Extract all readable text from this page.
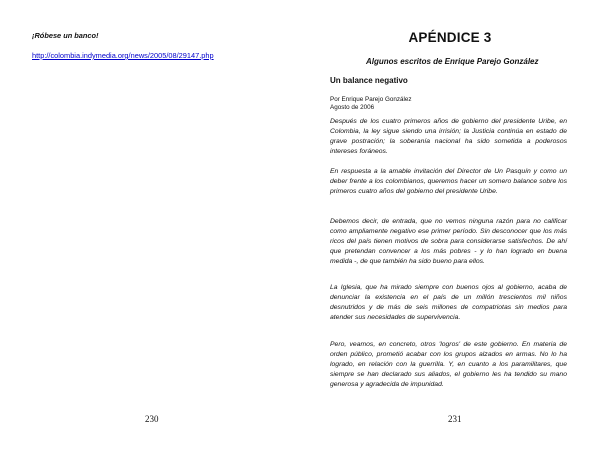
¡Róbese un banco!

http://colombia.indymedia.org/news/2005/08/29147.php

230

APÉNDICE 3

Algunos escritos de Enrique Parejo González

Un balance negativo

Por Enrique Parejo González
Agosto de 2006

Después de los cuatro primeros años de gobierno del presidente Uribe, en Colombia, la ley sigue siendo una irrisión; la Justicia continúa en estado de grave postración; la soberanía nacional ha sido sometida a poderosos intereses foráneos.

En respuesta a la amable invitación del Director de Un Pasquín y como un deber frente a los colombianos, queremos hacer un somero balance sobre los primeros cuatro años del gobierno del presidente Uribe.

Debemos decir, de entrada, que no vemos ninguna razón para no calificar como ampliamente negativo ese primer período. Sin desconocer que los más ricos del país tienen motivos de sobra para considerarse satisfechos. De ahí que pretendan convencer a los más pobres - y lo han logrado en buena medida -, de que también ha sido bueno para ellos.

La Iglesia, que ha mirado siempre con buenos ojos al gobierno, acaba de denunciar la existencia en el país de un millón trescientos mil niños desnutridos y de más de seis millones de compatriotas sin medios para atender sus necesidades de supervivencia.

Pero, veamos, en concreto, otros 'logros' de este gobierno. En materia de orden público, prometió acabar con los grupos alzados en armas. No lo ha logrado, en relación con la guerrilla. Y, en cuanto a los paramilitares, que siempre se han declarado sus aliados, el gobierno les ha tendido su mano generosa y agradecida de impunidad.

231
